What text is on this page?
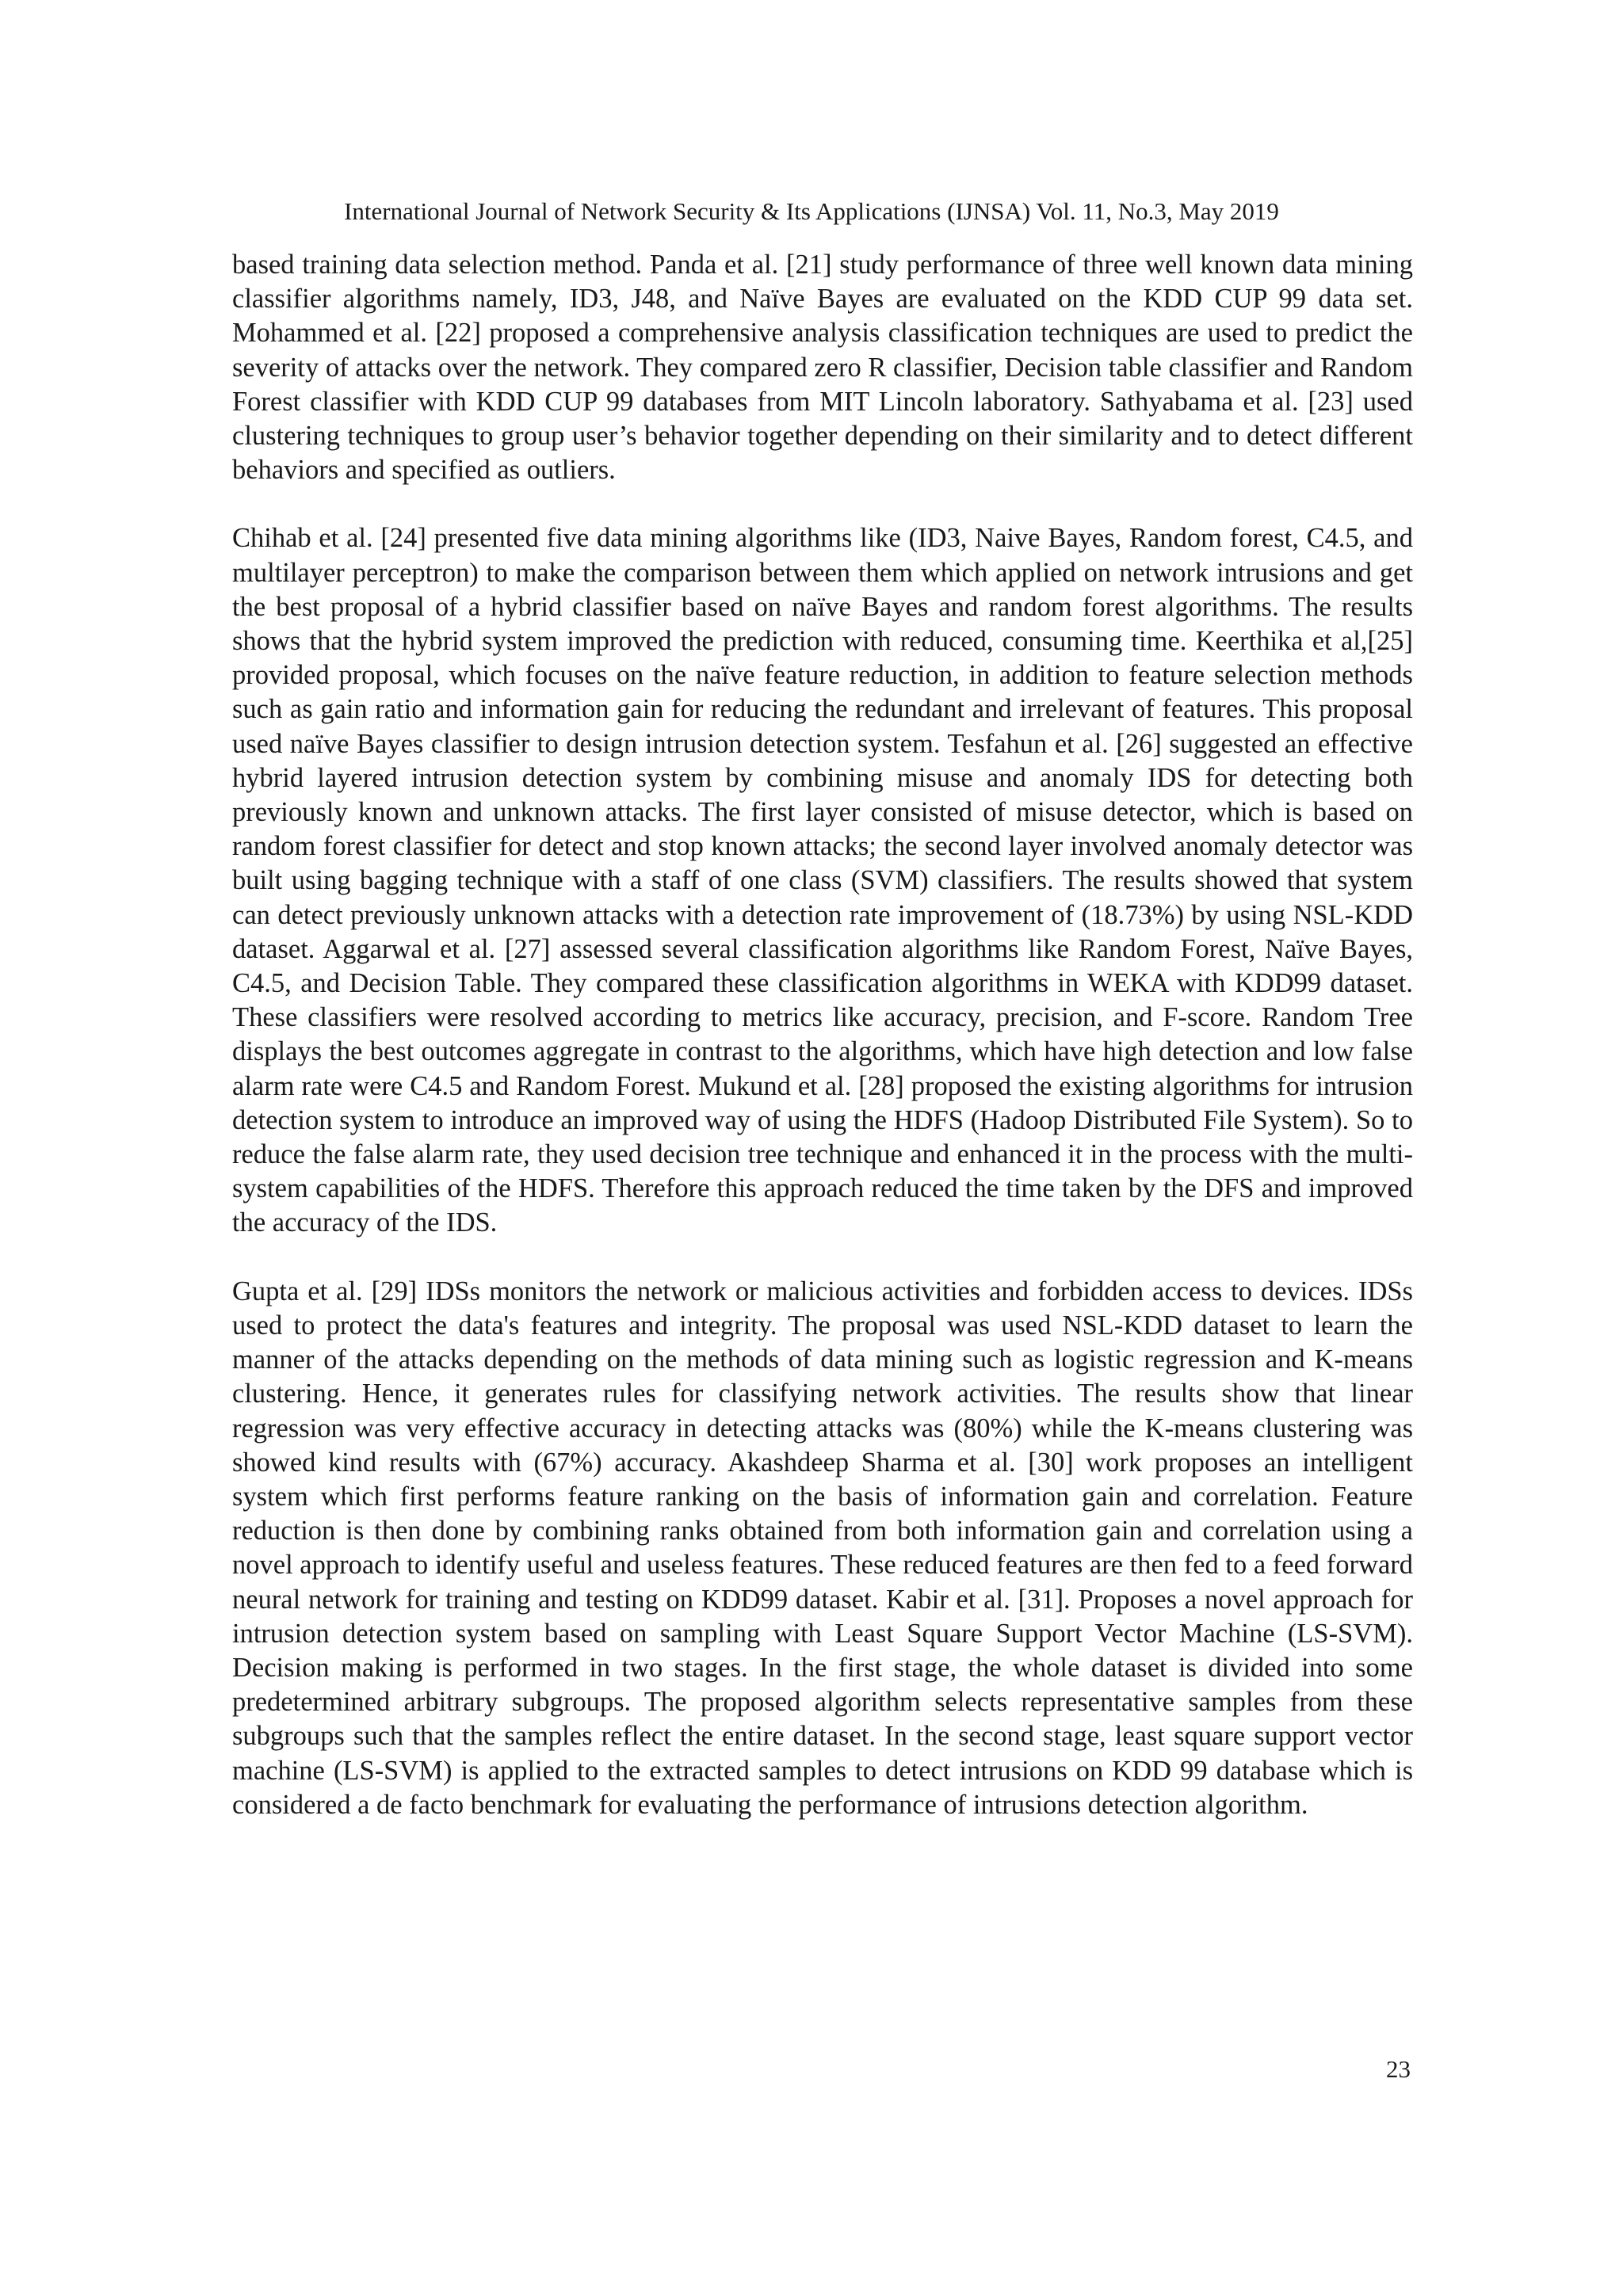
International Journal of Network Security & Its Applications (IJNSA) Vol. 11, No.3, May 2019

based training data selection method. Panda et al. [21] study performance of three well known data mining classifier algorithms namely, ID3, J48, and Naïve Bayes are evaluated on the KDD CUP 99 data set. Mohammed et al. [22] proposed a comprehensive analysis classification techniques are used to predict the severity of attacks over the network. They compared zero R classifier, Decision table classifier and Random Forest classifier with KDD CUP 99 databases from MIT Lincoln laboratory. Sathyabama et al. [23] used clustering techniques to group user’s behavior together depending on their similarity and to detect different behaviors and specified as outliers.

Chihab et al. [24] presented five data mining algorithms like (ID3, Naive Bayes, Random forest, C4.5, and multilayer perceptron) to make the comparison between them which applied on network intrusions and get the best proposal of a hybrid classifier based on naïve Bayes and random forest algorithms. The results shows that the hybrid system improved the prediction with reduced, consuming time. Keerthika et al,[25] provided proposal, which focuses on the naïve feature reduction, in addition to feature selection methods such as gain ratio and information gain for reducing the redundant and irrelevant of features. This proposal used naïve Bayes classifier to design intrusion detection system. Tesfahun et al. [26] suggested an effective hybrid layered intrusion detection system by combining misuse and anomaly IDS for detecting both previously known and unknown attacks. The first layer consisted of misuse detector, which is based on random forest classifier for detect and stop known attacks; the second layer involved anomaly detector was built using bagging technique with a staff of one class (SVM) classifiers. The results showed that system can detect previously unknown attacks with a detection rate improvement of (18.73%) by using NSL-KDD dataset. Aggarwal et al. [27] assessed several classification algorithms like Random Forest, Naïve Bayes, C4.5, and Decision Table. They compared these classification algorithms in WEKA with KDD99 dataset. These classifiers were resolved according to metrics like accuracy, precision, and F-score. Random Tree displays the best outcomes aggregate in contrast to the algorithms, which have high detection and low false alarm rate were C4.5 and Random Forest. Mukund et al. [28] proposed the existing algorithms for intrusion detection system to introduce an improved way of using the HDFS (Hadoop Distributed File System). So to reduce the false alarm rate, they used decision tree technique and enhanced it in the process with the multi-system capabilities of the HDFS. Therefore this approach reduced the time taken by the DFS and improved the accuracy of the IDS.

Gupta et al. [29] IDSs monitors the network or malicious activities and forbidden access to devices. IDSs used to protect the data's features and integrity. The proposal was used NSL-KDD dataset to learn the manner of the attacks depending on the methods of data mining such as logistic regression and K-means clustering. Hence, it generates rules for classifying network activities. The results show that linear regression was very effective accuracy in detecting attacks was (80%) while the K-means clustering was showed kind results with (67%) accuracy. Akashdeep Sharma et al. [30] work proposes an intelligent system which first performs feature ranking on the basis of information gain and correlation. Feature reduction is then done by combining ranks obtained from both information gain and correlation using a novel approach to identify useful and useless features. These reduced features are then fed to a feed forward neural network for training and testing on KDD99 dataset. Kabir et al. [31]. Proposes a novel approach for intrusion detection system based on sampling with Least Square Support Vector Machine (LS-SVM). Decision making is performed in two stages. In the first stage, the whole dataset is divided into some predetermined arbitrary subgroups. The proposed algorithm selects representative samples from these subgroups such that the samples reflect the entire dataset. In the second stage, least square support vector machine (LS-SVM) is applied to the extracted samples to detect intrusions on KDD 99 database which is considered a de facto benchmark for evaluating the performance of intrusions detection algorithm.

23
